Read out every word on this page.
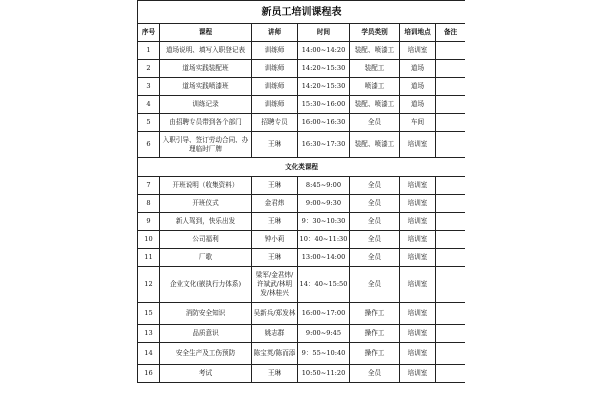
新员工培训课程表						
序号	课程	讲师	时间	学员类别	培训地点	备注
1	道场说明、填写入职登记表	训练师	14:00~14:20	装配、喷漆工	培训室	
2	道场实践装配班	训练师	14:20~15:30	装配工	道场	
3	道场实践喷漆班	训练师	14:20~15:30	喷漆工	道场	
4	训练记录	训练师	15:30~16:00	装配、喷漆工	道场	
5	由招聘专员带到各个部门	招聘专员	16:00~16:30	全员	车间	
6	入职引导、签订劳动合同、办理临时厂牌	王琳	16:30~17:30	装配、喷漆工	培训室	
文化类课程						
7	开班说明（收集资料）	王琳	8:45~9:00	全员	培训室	
8	开班仪式	金君炜	9:00~9:30	全员	培训室	
9	新人驾到，快乐出发	王琳	9：30~10:30	全员	培训室	
10	公司福利	钟小莉	10：40~11:30	全员	培训室	
11	厂歌	王琳	13:00~14:00	全员	培训室	
12	企业文化(嵌执行力体系)	梁军/金君炜/许斌武/林明发/林桂兴	14：40~15:50	全员	培训室	
15	消防安全知识	吴新兵/郑发林	16:00~17:00	操作工	培训室	
13	品质意识	姚志群	9:00~9:45	操作工	培训室	
14	安全生产及工伤预防	陈宝英/陈而添	9：55~10:40	操作工	培训室	
16	考试	王琳	10:50~11:20	全员	培训室	
